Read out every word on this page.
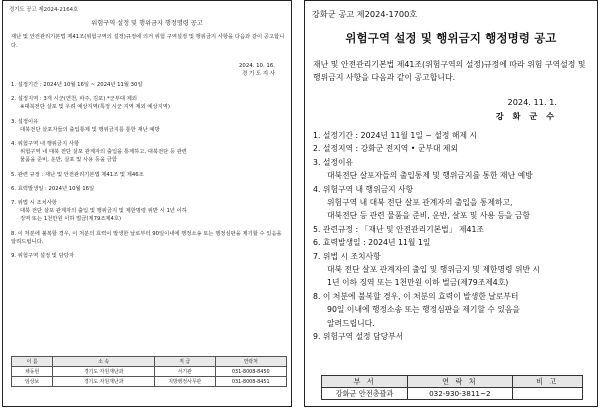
경기도 공고 제2024-2164호
위험구역 설정 및 행위금지 행정명령 공고
재난 및 안전관리기본법 제41조(위험구역의 설정)규정에 의거 위험 구역설정 및 행위금지 사항을 다음과 같이 공고합니다.
2024. 10. 16.
경 기 도 지 사

1. 설정기간 : 2024년 10월 16일 ~ 2024년 11월 30일

2. 설정지역 : 3개 시군(연천, 파주, 김포) *군부대 제외

※대북전단 살포 및 우려 예상지역(특정 시군 지역 제외 예상지역)

3. 설정이유

대북전단 살포자들의 출입통제 및 행위금지를 통한 재난 예방

4. 위험구역 내 행위금지 사항

위험구역 내 대북 전단 살포 관계자의 출입을 통제하고, 대북전단 등 관련

물품을 준비, 운반, 살포 및 사용 등을 금함

5. 관련 규정 : 재난 및 안전관리기본법 제41조 및 제46조

6. 효력발생일 : 2024년 10월 16일

7. 위법 시 조치사항

대북 전단 살포 관계자의 출입 및 행위금지 및 제한명령 위반 시 1년 이하

징역 또는 1천만원 이하 벌금(제79조제4호)

8. 이 처분에 불복할 경우, 이 처분의 효력이 발생한 날로부터 90일이내에 행정소송 또는 행정심판을 제기할 수 있음을 알려드립니다.

9. 위험구역 설정 및 담당자

이 름	소 속	직 급	연락처
채동현	경기도 자원재난과	서기관	031-8008-8450
임상보	경기도 자원재난과	지방행정사무관	031-8008-8451
강화군 공고 제2024-1700호
위험구역 설정 및 행위금지 행정명령 공고
재난 및 안전관리기본법 제41조(위험구역의 설정)규정에 따라 위험 구역설정 및 행위금지 사항을 다음과 같이 공고합니다.
2024. 11. 1.
강 화 군 수

1. 설정기간 : 2024년 11월 1일 ~ 설정 해제 시

2. 설정지역 : 강화군 전지역 • 군부대 제외

3. 설정이유

대북전단 살포자들의 출입통제 및 행위금지를 통한 재난 예방

4. 위험구역 내 행위금지 사항

위험구역 내 대북 전단 살포 관계자의 출입을 통제하고,

대북전단 등 관련 물품을 준비, 운반, 살포 및 사용 등을 금함

5. 관련규정 : 「재난 및 안전관리기본법」 제41조

6. 효력발생일 : 2024년 11월 1일

7. 위법 시 조치사항

대북 전단 살포 관계자의 출입 및 행위금지 및 제한명령 위반 시

1년 이하 징역 또는 1천만원 이하 벌금(제79조제4호)

8. 이 처분에 불복할 경우, 이 처분의 효력이 발생한 날로부터

90일 이내에 행정소송 또는 행정심판을 제기할 수 있음을

알려드립니다.

9. 위험구역 설정 담당부서

부 서	연 락 처	비 고
강화군 안전총괄과	032-930-3811~2	
